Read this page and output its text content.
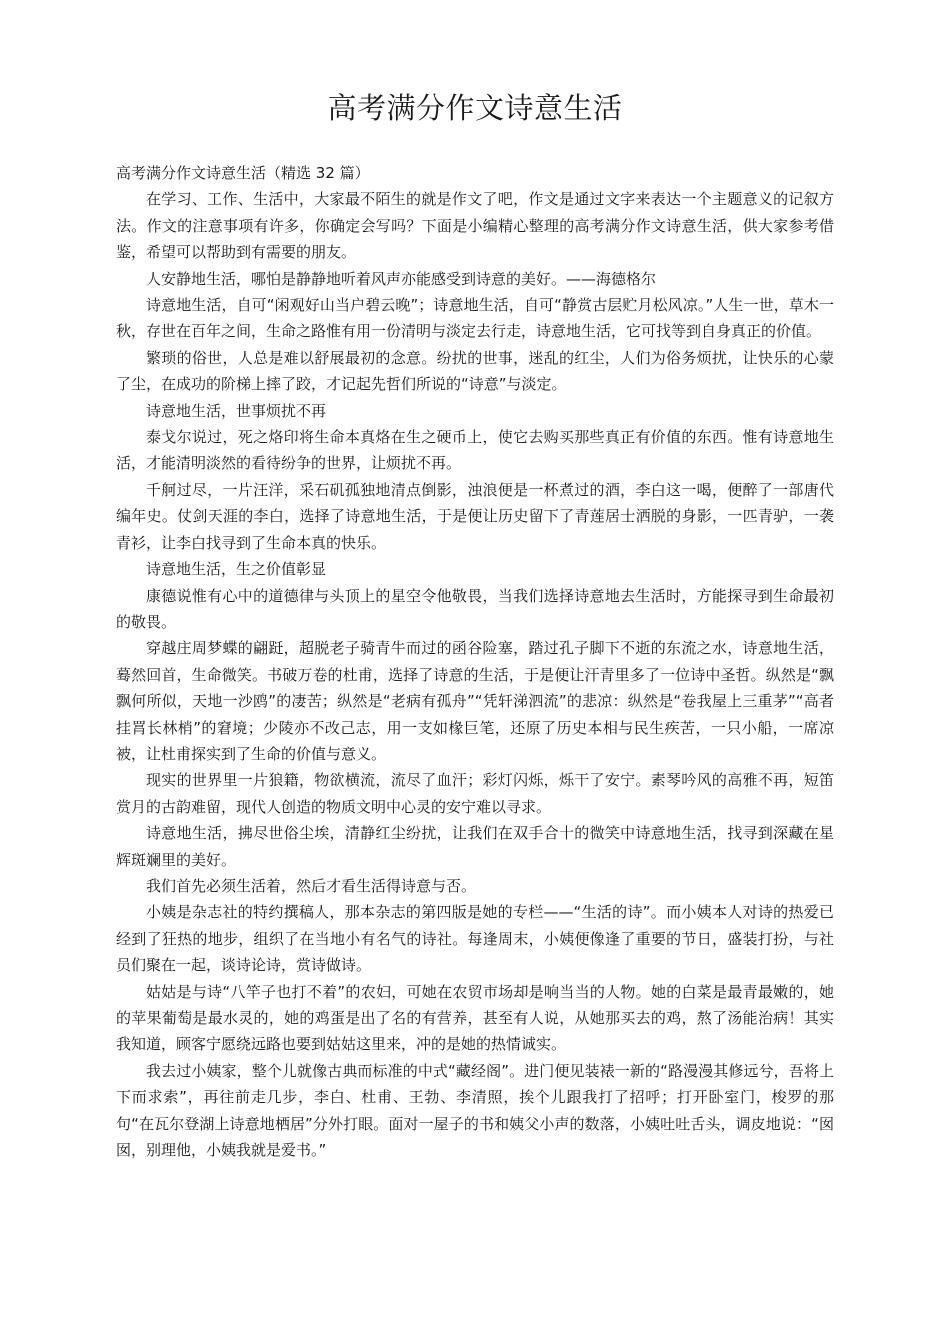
高考满分作文诗意生活

高考满分作文诗意生活（精选 32 篇）

在学习、工作、生活中，大家最不陌生的就是作文了吧，作文是通过文字来表达一个主题意义的记叙方法。作文的注意事项有许多，你确定会写吗？下面是小编精心整理的高考满分作文诗意生活，供大家参考借鉴，希望可以帮助到有需要的朋友。

人安静地生活，哪怕是静静地听着风声亦能感受到诗意的美好。——海德格尔

诗意地生活，自可“闲观好山当户碧云晚”；诗意地生活，自可“静赏古层贮月松风凉。”人生一世，草木一秋，存世在百年之间，生命之路惟有用一份清明与淡定去行走，诗意地生活，它可找等到自身真正的价值。

繁琐的俗世，人总是难以舒展最初的念意。纷扰的世事，迷乱的红尘，人们为俗务烦扰，让快乐的心蒙了尘，在成功的阶梯上摔了跤，才记起先哲们所说的“诗意”与淡定。

诗意地生活，世事烦扰不再

泰戈尔说过，死之烙印将生命本真烙在生之硬币上，使它去购买那些真正有价值的东西。惟有诗意地生活，才能清明淡然的看待纷争的世界，让烦扰不再。

千舸过尽，一片汪洋，采石矶孤独地清点倒影，浊浪便是一杯煮过的酒，李白这一喝，便醉了一部唐代编年史。仗剑天涯的李白，选择了诗意地生活，于是便让历史留下了青莲居士洒脱的身影，一匹青驴，一袭青衫，让李白找寻到了生命本真的快乐。

诗意地生活，生之价值彰显

康德说惟有心中的道德律与头顶上的星空令他敬畏，当我们选择诗意地去生活时，方能探寻到生命最初的敬畏。

穿越庄周梦蝶的翩跹，超脱老子骑青牛而过的函谷险塞，踏过孔子脚下不逝的东流之水，诗意地生活，蓦然回首，生命微笑。书破万卷的杜甫，选择了诗意的生活，于是便让汗青里多了一位诗中圣哲。纵然是“飘飘何所似，天地一沙鸥”的凄苦；纵然是“老病有孤舟”“凭轩涕泗流”的悲凉：纵然是“卷我屋上三重茅”“高者挂罥长林梢”的窘境；少陵亦不改己志，用一支如椽巨笔，还原了历史本相与民生疾苦，一只小船，一席凉被，让杜甫探实到了生命的价值与意义。

现实的世界里一片狼籍，物欲横流，流尽了血汗；彩灯闪烁，烁干了安宁。素琴吟风的高雅不再，短笛赏月的古韵难留，现代人创造的物质文明中心灵的安宁难以寻求。

诗意地生活，拂尽世俗尘埃，清静红尘纷扰，让我们在双手合十的微笑中诗意地生活，找寻到深藏在星辉斑斓里的美好。

我们首先必须生活着，然后才看生活得诗意与否。

小姨是杂志社的特约撰稿人，那本杂志的第四版是她的专栏——“生活的诗”。而小姨本人对诗的热爱已经到了狂热的地步，组织了在当地小有名气的诗社。每逢周末，小姨便像逢了重要的节日，盛装打扮，与社员们聚在一起，谈诗论诗，赏诗做诗。

姑姑是与诗“八竿子也打不着”的农妇，可她在农贸市场却是响当当的人物。她的白菜是最青最嫩的，她的苹果葡萄是最水灵的，她的鸡蛋是出了名的有营养，甚至有人说，从她那买去的鸡，熬了汤能治病！其实我知道，顾客宁愿绕远路也要到姑姑这里来，冲的是她的热情诚实。

我去过小姨家，整个儿就像古典而标准的中式“藏经阁”。进门便见装裱一新的“路漫漫其修远兮，吾将上下而求索”，再往前走几步，李白、杜甫、王勃、李清照，挨个儿跟我打了招呼；打开卧室门，梭罗的那句“在瓦尔登湖上诗意地栖居”分外打眼。面对一屋子的书和姨父小声的数落，小姨吐吐舌头，调皮地说：“囡囡，别理他，小姨我就是爱书。”
